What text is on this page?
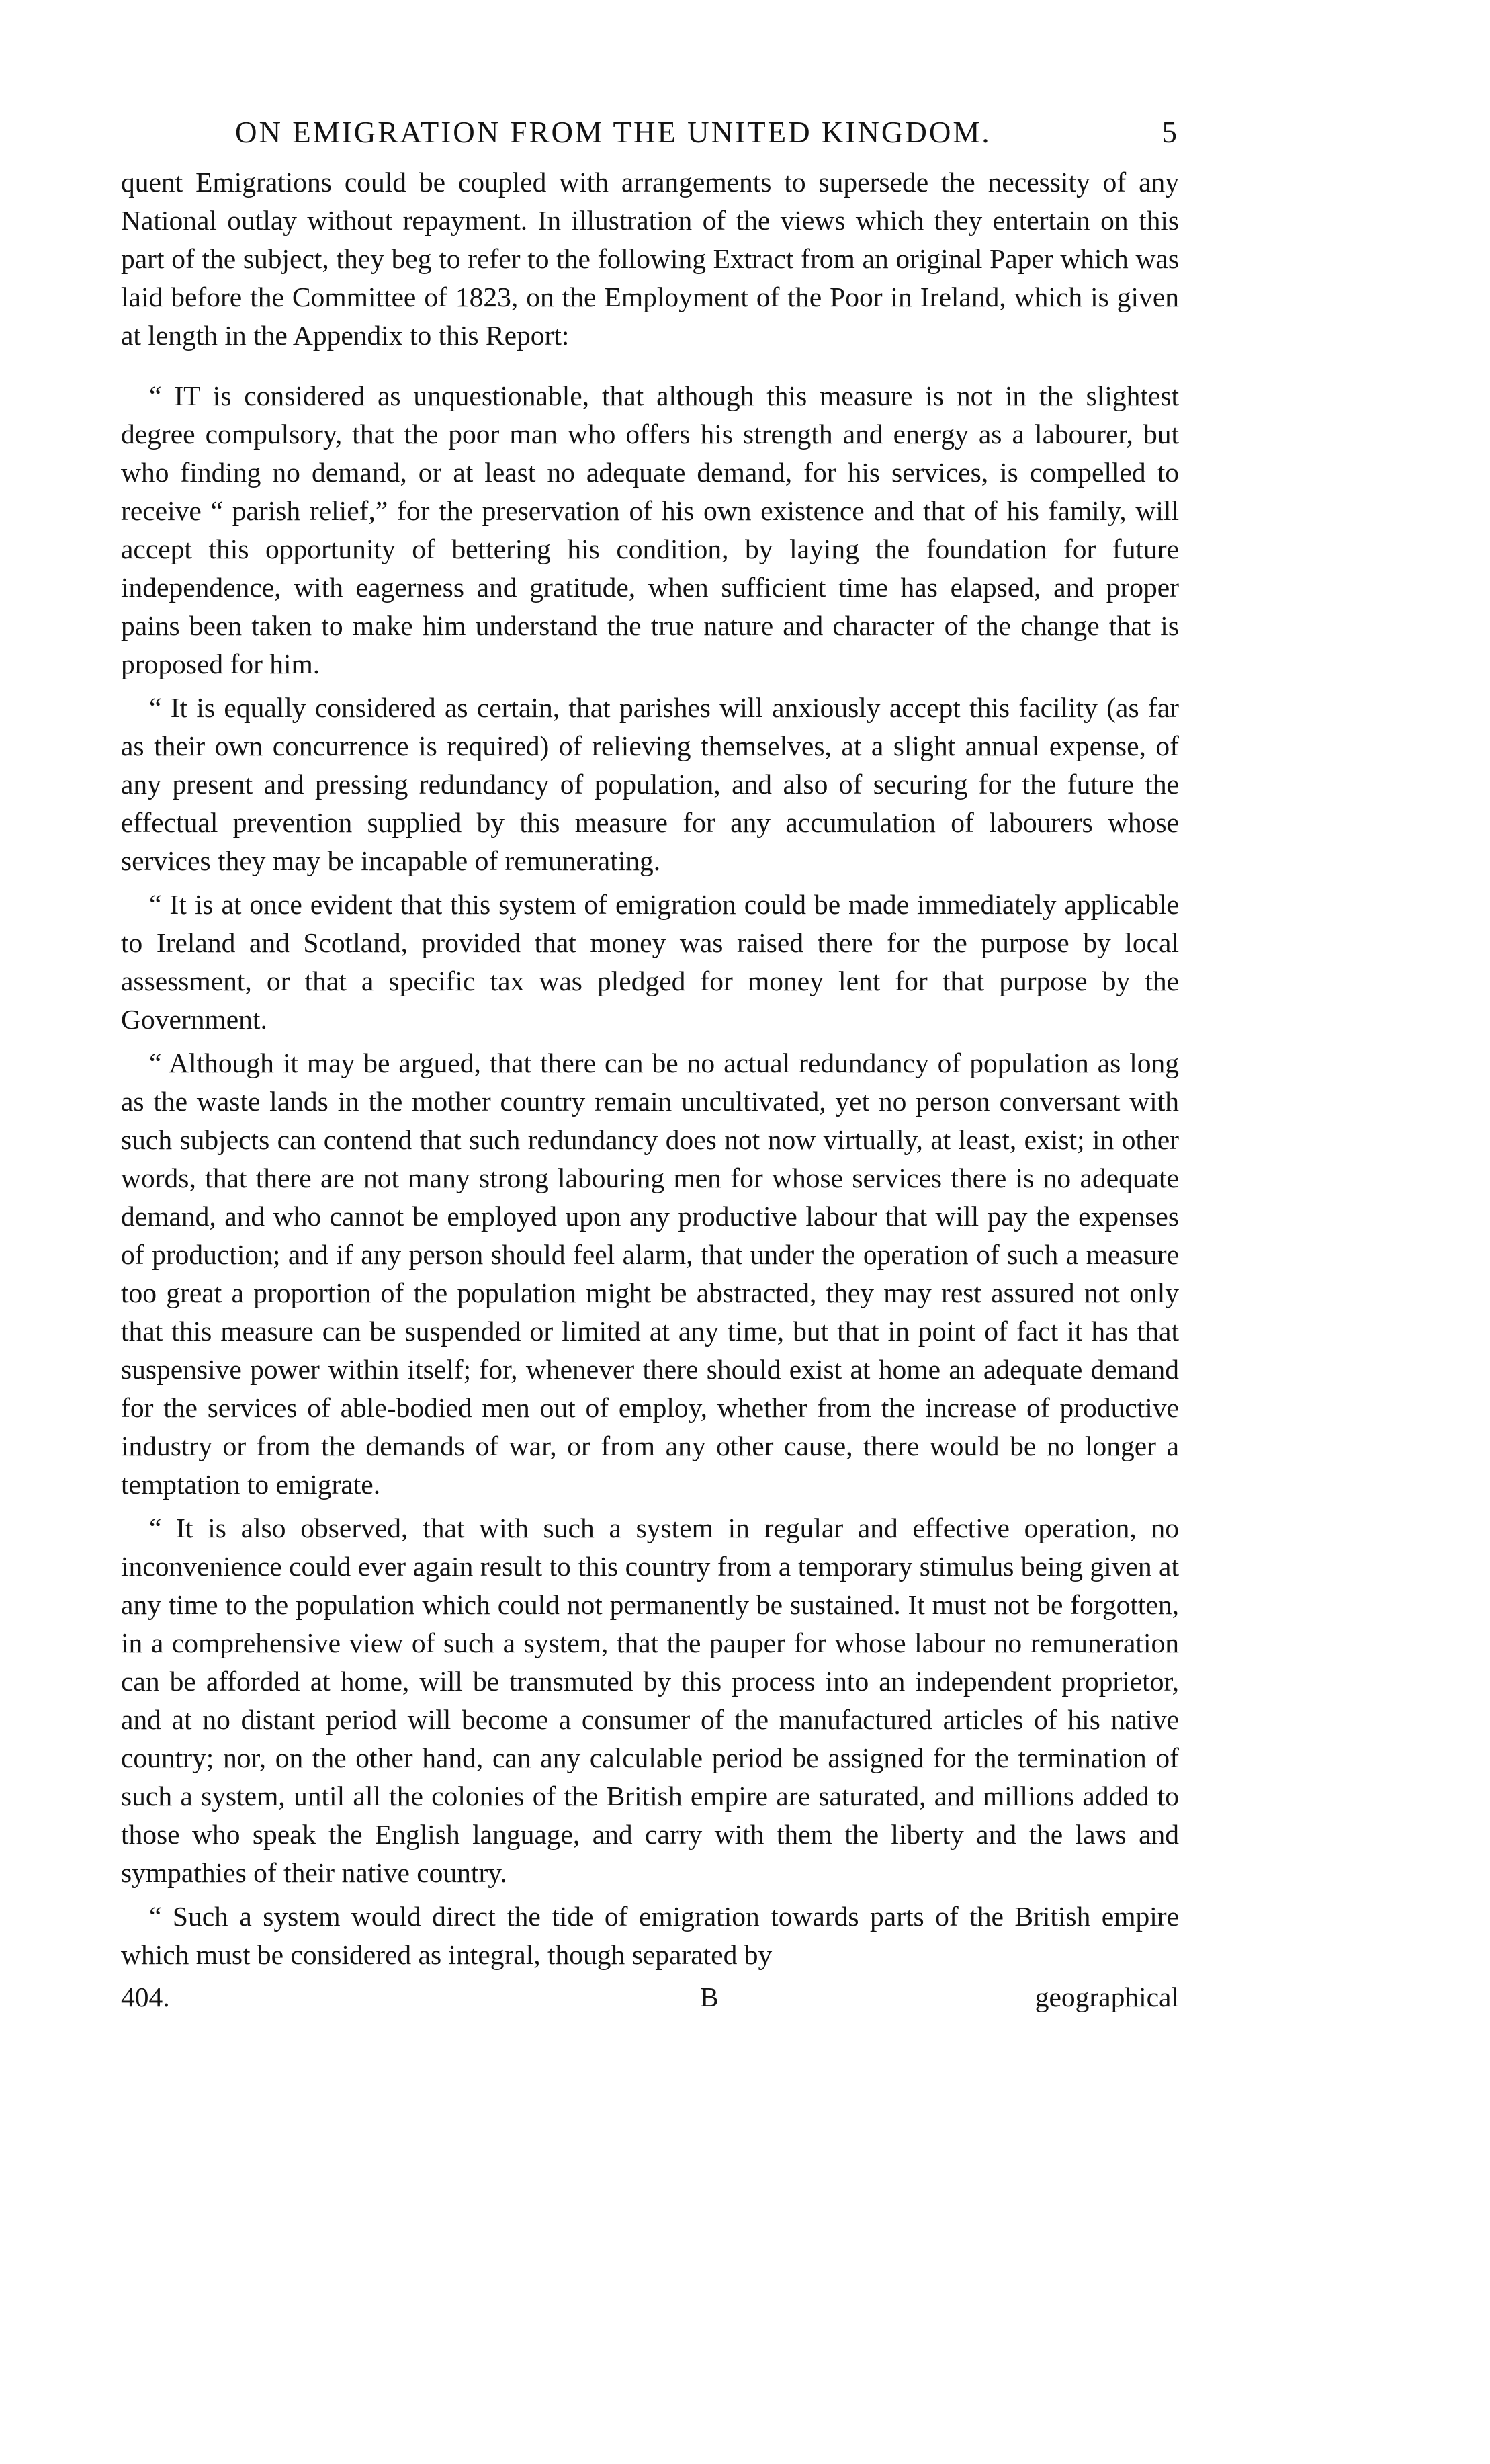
ON EMIGRATION FROM THE UNITED KINGDOM.	5

quent Emigrations could be coupled with arrangements to supersede the necessity of any National outlay without repayment. In illustration of the views which they entertain on this part of the subject, they beg to refer to the following Extract from an original Paper which was laid before the Committee of 1823, on the Employment of the Poor in Ireland, which is given at length in the Appendix to this Report:

“ IT is considered as unquestionable, that although this measure is not in the slightest degree compulsory, that the poor man who offers his strength and energy as a labourer, but who finding no demand, or at least no adequate demand, for his services, is compelled to receive “ parish relief,” for the preservation of his own existence and that of his family, will accept this opportunity of bettering his condition, by laying the foundation for future independence, with eagerness and gratitude, when sufficient time has elapsed, and proper pains been taken to make him understand the true nature and character of the change that is proposed for him.

“ It is equally considered as certain, that parishes will anxiously accept this facility (as far as their own concurrence is required) of relieving themselves, at a slight annual expense, of any present and pressing redundancy of population, and also of securing for the future the effectual prevention supplied by this measure for any accumulation of labourers whose services they may be incapable of remunerating.

“ It is at once evident that this system of emigration could be made immediately applicable to Ireland and Scotland, provided that money was raised there for the purpose by local assessment, or that a specific tax was pledged for money lent for that purpose by the Government.

“ Although it may be argued, that there can be no actual redundancy of population as long as the waste lands in the mother country remain uncultivated, yet no person conversant with such subjects can contend that such redundancy does not now virtually, at least, exist; in other words, that there are not many strong labouring men for whose services there is no adequate demand, and who cannot be employed upon any productive labour that will pay the expenses of production; and if any person should feel alarm, that under the operation of such a measure too great a proportion of the population might be abstracted, they may rest assured not only that this measure can be suspended or limited at any time, but that in point of fact it has that suspensive power within itself; for, whenever there should exist at home an adequate demand for the services of able-bodied men out of employ, whether from the increase of productive industry or from the demands of war, or from any other cause, there would be no longer a temptation to emigrate.

“ It is also observed, that with such a system in regular and effective operation, no inconvenience could ever again result to this country from a temporary stimulus being given at any time to the population which could not permanently be sustained. It must not be forgotten, in a comprehensive view of such a system, that the pauper for whose labour no remuneration can be afforded at home, will be transmuted by this process into an independent proprietor, and at no distant period will become a consumer of the manufactured articles of his native country; nor, on the other hand, can any calculable period be assigned for the termination of such a system, until all the colonies of the British empire are saturated, and millions added to those who speak the English language, and carry with them the liberty and the laws and sympathies of their native country.

“ Such a system would direct the tide of emigration towards parts of the British empire which must be considered as integral, though separated by

404.	B	geographical
